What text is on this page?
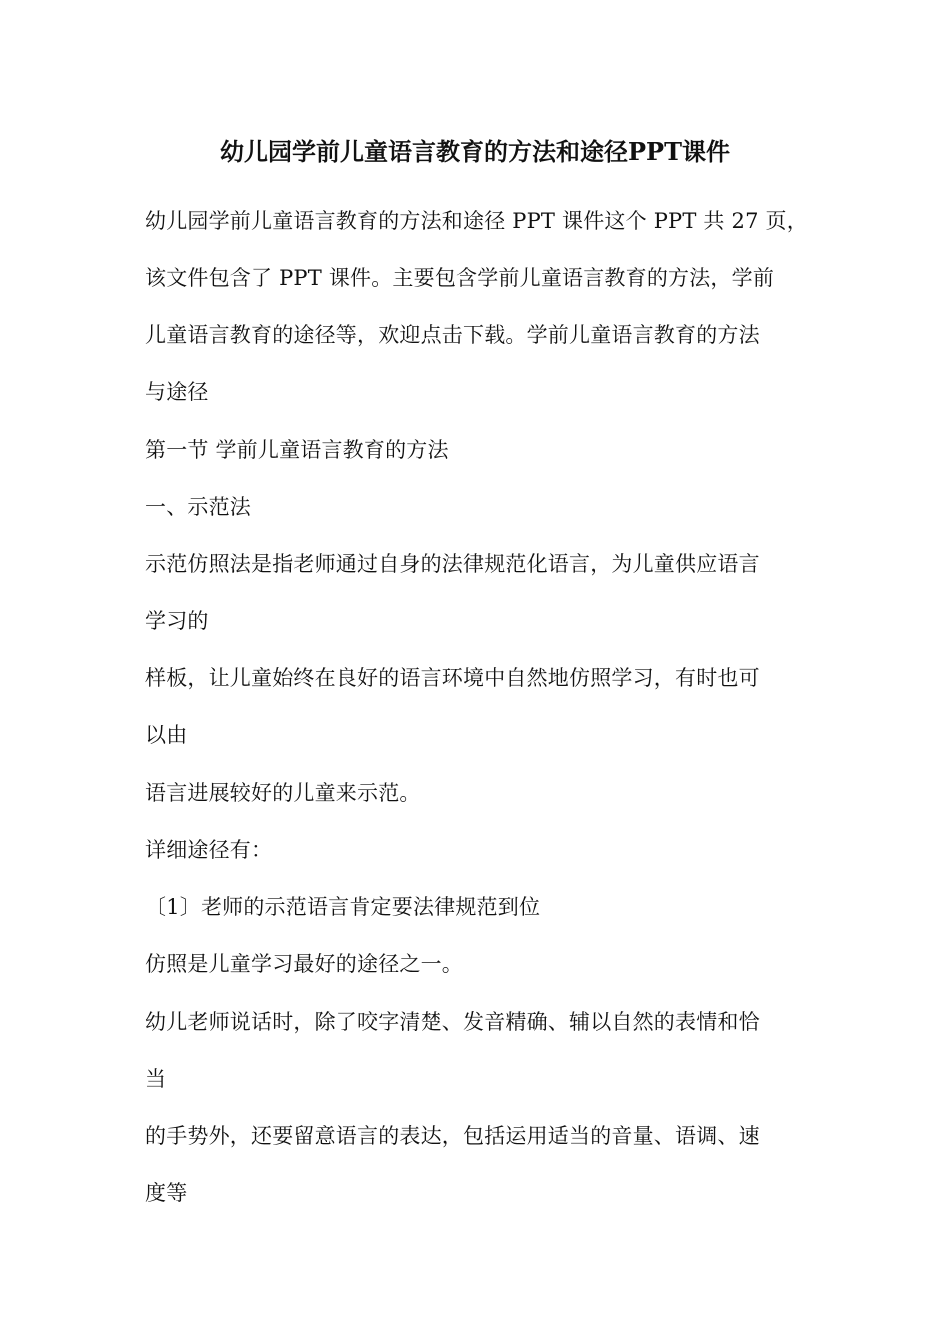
幼儿园学前儿童语言教育的方法和途径PPT课件
幼儿园学前儿童语言教育的方法和途径 PPT 课件这个 PPT 共 27 页，
该文件包含了 PPT 课件。主要包含学前儿童语言教育的方法，学前
儿童语言教育的途径等，欢迎点击下载。学前儿童语言教育的方法
与途径
第一节 学前儿童语言教育的方法
一、示范法
示范仿照法是指老师通过自身的法律规范化语言，为儿童供应语言
学习的
样板，让儿童始终在良好的语言环境中自然地仿照学习，有时也可
以由
语言进展较好的儿童来示范。
详细途径有：
〔1〕老师的示范语言肯定要法律规范到位
仿照是儿童学习最好的途径之一。
幼儿老师说话时，除了咬字清楚、发音精确、辅以自然的表情和恰
当
的手势外，还要留意语言的表达，包括运用适当的音量、语调、速
度等
